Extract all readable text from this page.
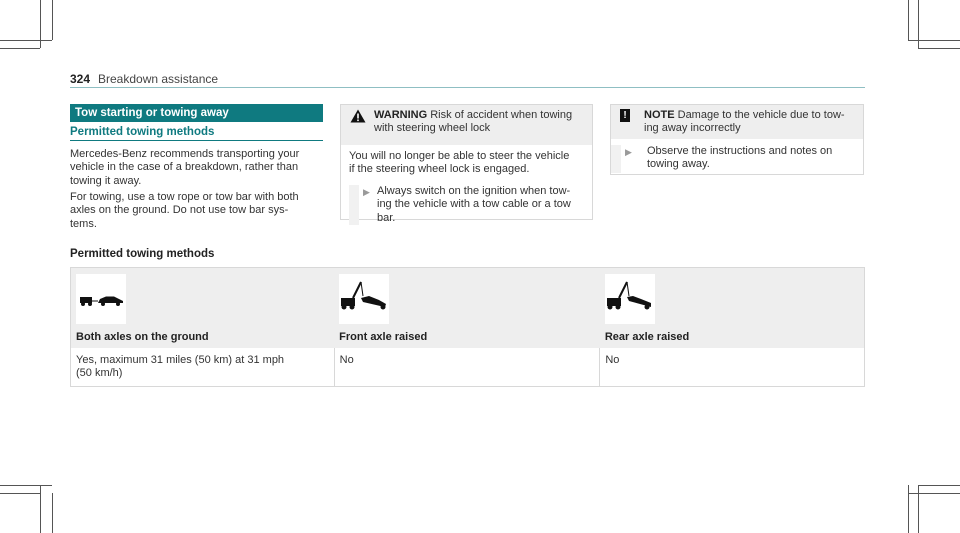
324 Breakdown assistance
Tow starting or towing away
Permitted towing methods
Mercedes-Benz recommends transporting your
vehicle in the case of a breakdown, rather than
towing it away.
For towing, use a tow rope or tow bar with both
axles on the ground. Do not use tow bar sys-
tems.
WARNING Risk of accident when towing
with steering wheel lock
You will no longer be able to steer the vehicle
if the steering wheel lock is engaged.
▶ Always switch on the ignition when tow-
ing the vehicle with a tow cable or a tow
bar.
!	NOTE Damage to the vehicle due to tow-
ing away incorrectly
▶ Observe the instructions and notes on
towing away.
Permitted towing methods
Both axles on the ground	Front axle raised	Rear axle raised

Yes, maximum 31 miles (50 km) at 31 mph
(50 km/h)	No	No
